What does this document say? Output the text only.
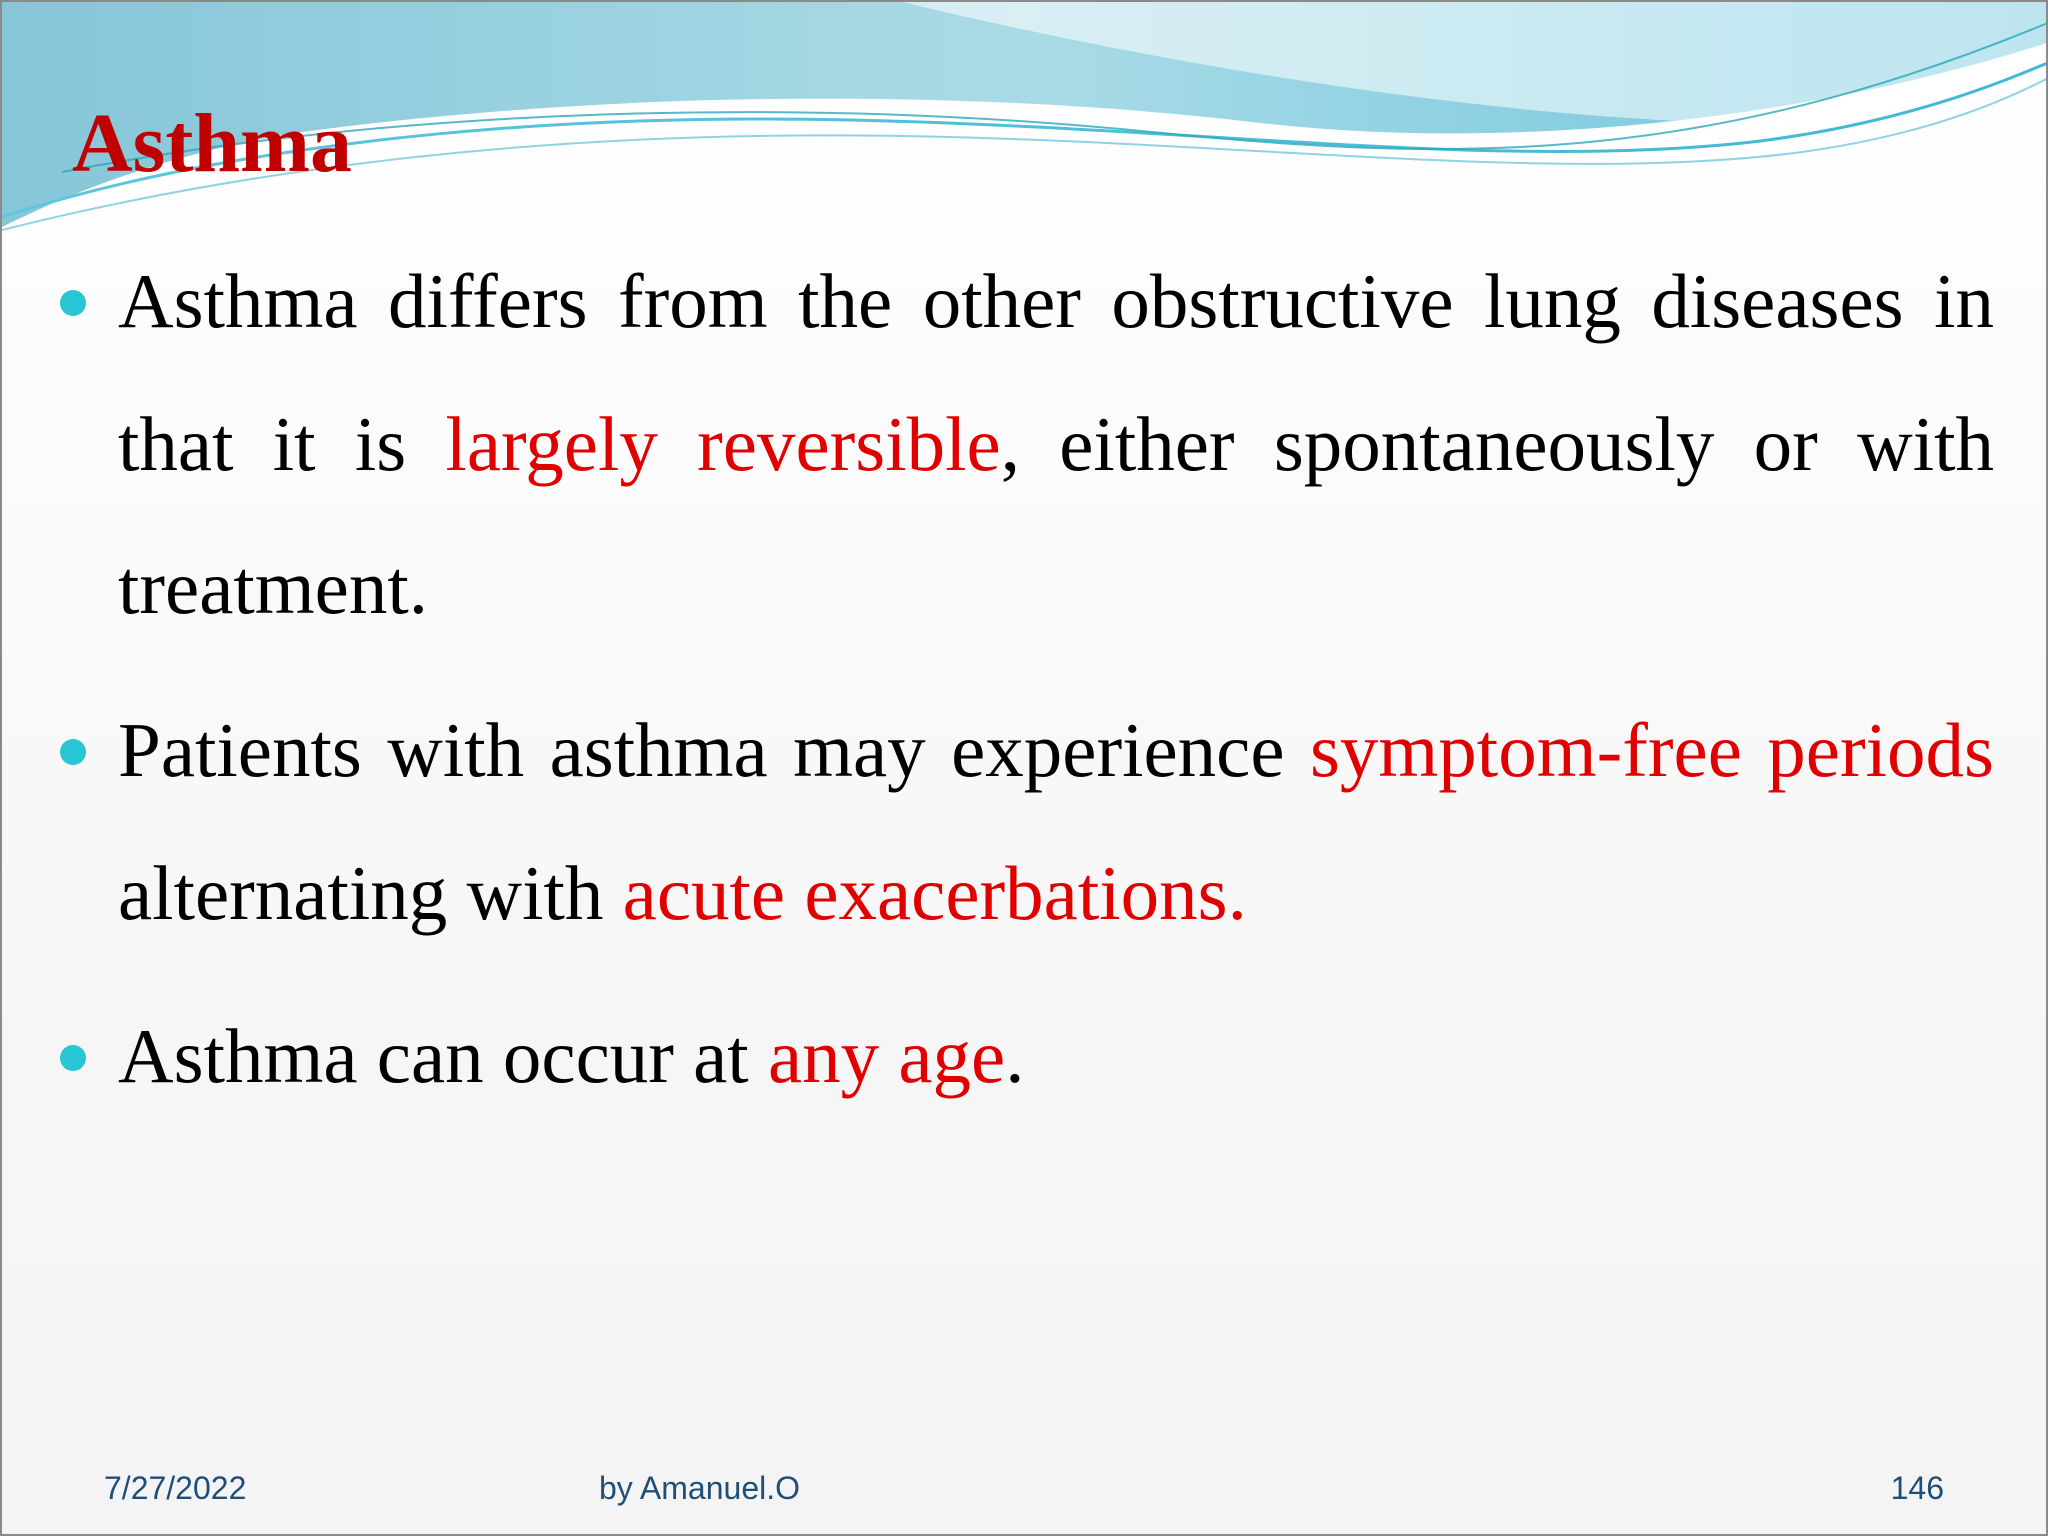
Asthma

Asthma differs from the other obstructive lung diseases in that it is largely reversible, either spontaneously or with treatment.

Patients with asthma may experience symptom-free periods alternating with acute exacerbations.

Asthma can occur at any age.

7/27/2022	by Amanuel.O	146
